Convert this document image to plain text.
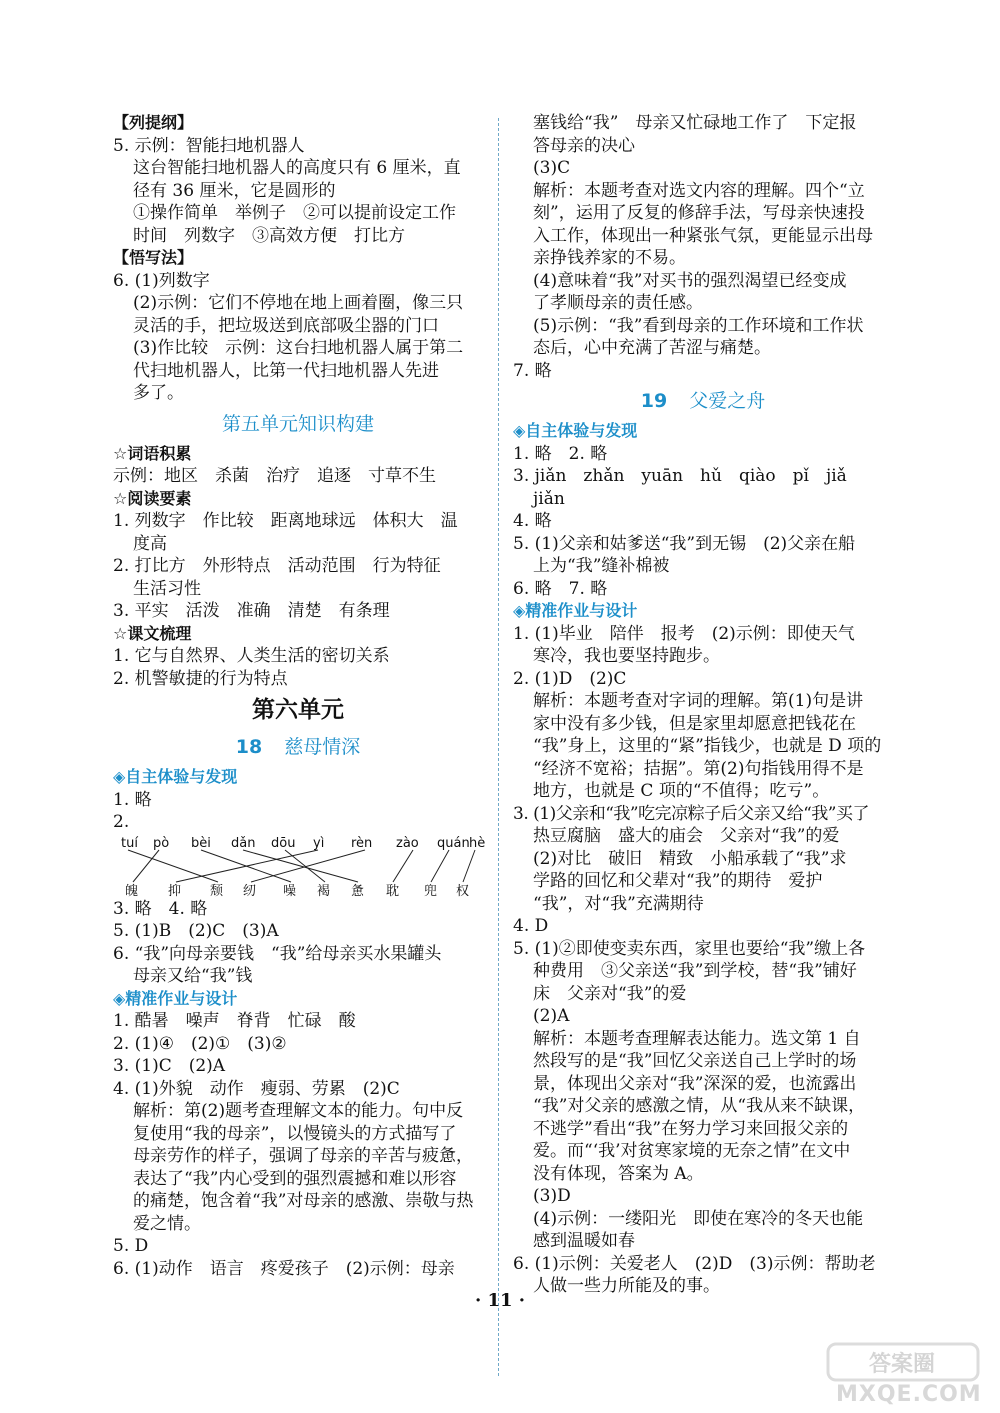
【列提纲】
5. 示例：智能扫地机器人
这台智能扫地机器人的高度只有 6 厘米，直
径有 36 厘米，它是圆形的
①操作简单　举例子　②可以提前设定工作
时间　列数字　③高效方便　打比方
【悟写法】
6. (1)列数字
(2)示例：它们不停地在地上画着圈，像三只
灵活的手，把垃圾送到底部吸尘器的门口
(3)作比较　示例：这台扫地机器人属于第二
代扫地机器人，比第一代扫地机器人先进
多了。
第五单元知识构建
☆词语积累
示例：地区　杀菌　治疗　追逐　寸草不生
☆阅读要素
1. 列数字　作比较　距离地球远　体积大　温
度高
2. 打比方　外形特点　活动范围　行为特征
生活习性
3. 平实　活泼　准确　清楚　有条理
☆课文梳理
1. 它与自然界、人类生活的密切关系
2. 机警敏捷的行为特点
第六单元
18 慈母情深
◈自主体验与发现
1. 略
2.
tuí pò bèi dǎn dōu yì rèn zào quán hè
魄 抑 颓 纫 噪 褐 惫 耽 兜 权
3. 略　4. 略
5. (1)B　(2)C　(3)A
6. “我”向母亲要钱　“我”给母亲买水果罐头
母亲又给“我”钱
◈精准作业与设计
1. 酷暑　噪声　脊背　忙碌　酸
2. (1)④　(2)①　(3)②
3. (1)C　(2)A
4. (1)外貌　动作　瘦弱、劳累　(2)C
解析：第(2)题考查理解文本的能力。句中反
复使用“我的母亲”，以慢镜头的方式描写了
母亲劳作的样子，强调了母亲的辛苦与疲惫，
表达了“我”内心受到的强烈震撼和难以形容
的痛楚，饱含着“我”对母亲的感激、崇敬与热
爱之情。
5. D
6. (1)动作　语言　疼爱孩子　(2)示例：母亲
塞钱给“我”　母亲又忙碌地工作了　下定报
答母亲的决心
(3)C
解析：本题考查对选文内容的理解。四个“立
刻”，运用了反复的修辞手法，写母亲快速投
入工作，体现出一种紧张气氛，更能显示出母
亲挣钱养家的不易。
(4)意味着“我”对买书的强烈渴望已经变成
了孝顺母亲的责任感。
(5)示例：“我”看到母亲的工作环境和工作状
态后，心中充满了苦涩与痛楚。
7. 略
19 父爱之舟
◈自主体验与发现
1. 略　2. 略
3. jiǎn　zhǎn　yuān　hǔ　qiào　pǐ　jiǎ
jiǎn
4. 略
5. (1)父亲和姑爹送“我”到无锡　(2)父亲在船
上为“我”缝补棉被
6. 略　7. 略
◈精准作业与设计
1. (1)毕业　陪伴　报考　(2)示例：即使天气
寒冷，我也要坚持跑步。
2. (1)D　(2)C
解析：本题考查对字词的理解。第(1)句是讲
家中没有多少钱，但是家里却愿意把钱花在
“我”身上，这里的“紧”指钱少，也就是 D 项的
“经济不宽裕；拮据”。第(2)句指钱用得不是
地方，也就是 C 项的“不值得；吃亏”。
3. (1)父亲和“我”吃完凉粽子后父亲又给“我”买了
热豆腐脑　盛大的庙会　父亲对“我”的爱
(2)对比　破旧　精致　小船承载了“我”求
学路的回忆和父辈对“我”的期待　爱护
“我”，对“我”充满期待
4. D
5. (1)②即使变卖东西，家里也要给“我”缴上各
种费用　③父亲送“我”到学校，替“我”铺好
床　父亲对“我”的爱
(2)A
解析：本题考查理解表达能力。选文第 1 自
然段写的是“我”回忆父亲送自己上学时的场
景，体现出父亲对“我”深深的爱，也流露出
“我”对父亲的感激之情，从“我从来不缺课，
不逃学”看出“我”在努力学习来回报父亲的
爱。而“‘我’对贫寒家境的无奈之情”在文中
没有体现，答案为 A。
(3)D
(4)示例：一缕阳光　即使在寒冷的冬天也能
感到温暖如春
6. (1)示例：关爱老人　(2)D　(3)示例：帮助老
人做一些力所能及的事。
· 11 ·
答案圈
MXQE.COM
